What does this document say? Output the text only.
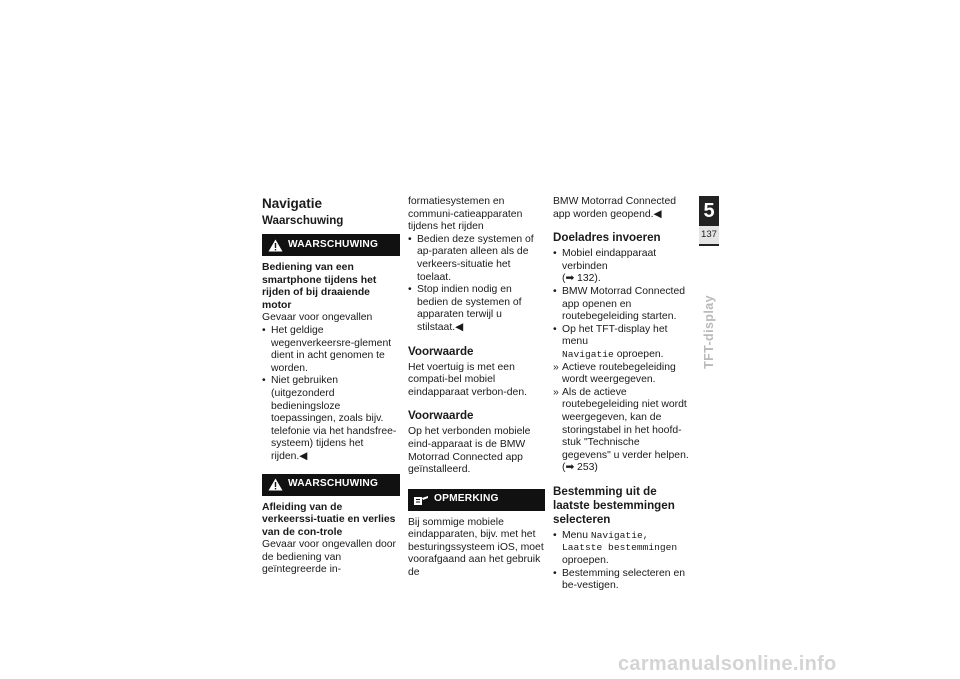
Navigatie
Waarschuwing
WAARSCHUWING

Bediening van een smartphone tijdens het rijden of bij draaiende motor

Gevaar voor ongevallen

• Het geldige wegenverkeersre-glement dient in acht genomen te worden.
• Niet gebruiken (uitgezonderd bedieningsloze toepassingen, zoals bijv. telefonie via het handsfree-systeem) tijdens het rijden.◀
WAARSCHUWING

Afleiding van de verkeerssi-tuatie en verlies van de con-trole

Gevaar voor ongevallen door de bediening van geïntegreerde in-

formatiesystemen en communi-catieapparaten tijdens het rijden

• Bedien deze systemen of ap-paraten alleen als de verkeers-situatie het toelaat.
• Stop indien nodig en bedien de systemen of apparaten terwijl u stilstaat.◀
Voorwaarde

Het voertuig is met een compati-bel mobiel eindapparaat verbon-den.

Voorwaarde

Op het verbonden mobiele eind-apparaat is de BMW Motorrad Connected app geïnstalleerd.

OPMERKING

Bij sommige mobiele eindapparaten, bijv. met het besturingssysteem iOS, moet voorafgaand aan het gebruik de

BMW Motorrad Connected app worden geopend.◀

Doeladres invoeren
• Mobiel eindapparaat verbinden
(➡ 132).
• BMW Motorrad Connected app openen en routebegeleiding starten.
• Op het TFT-display het menu
Navigatie oproepen.
» Actieve routebegeleiding wordt weergegeven.
» Als de actieve routebegeleiding niet wordt weergegeven, kan de storingstabel in het hoofd-stuk "Technische gegevens" u verder helpen. (➡ 253)
Bestemming uit de laatste bestemmingen selecteren
• Menu Navigatie, Laatste bestemmingen oproepen.
• Bestemming selecteren en be-vestigen.
5
137
TFT-display
carmanualsonline.info
